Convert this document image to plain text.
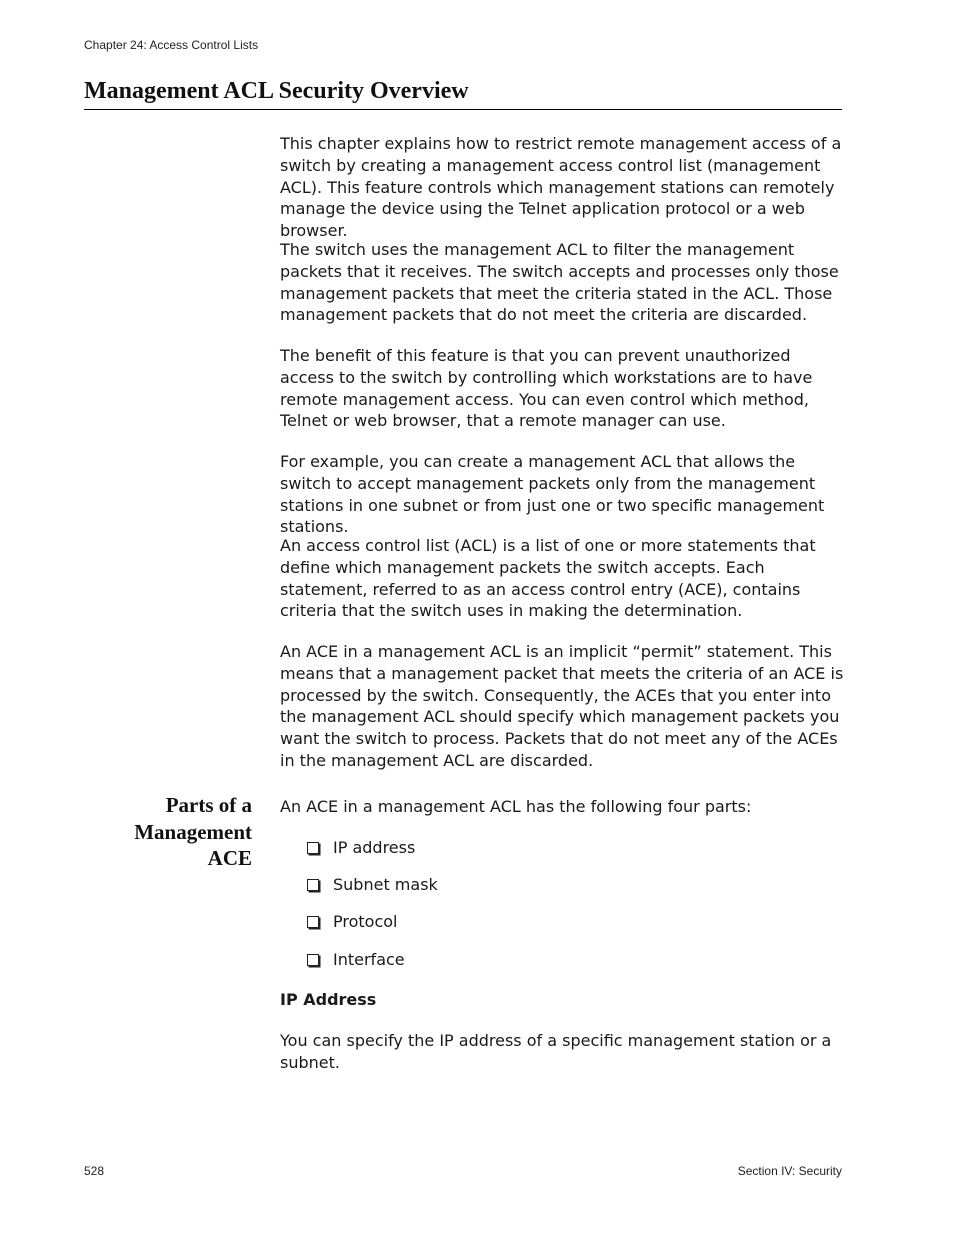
Chapter 24: Access Control Lists
Management ACL Security Overview

This chapter explains how to restrict remote management access of a switch by creating a management access control list (management ACL). This feature controls which management stations can remotely manage the device using the Telnet application protocol or a web browser.

The switch uses the management ACL to filter the management packets that it receives. The switch accepts and processes only those management packets that meet the criteria stated in the ACL. Those management packets that do not meet the criteria are discarded.

The benefit of this feature is that you can prevent unauthorized access to the switch by controlling which workstations are to have remote management access. You can even control which method, Telnet or web browser, that a remote manager can use.

For example, you can create a management ACL that allows the switch to accept management packets only from the management stations in one subnet or from just one or two specific management stations.

An access control list (ACL) is a list of one or more statements that define which management packets the switch accepts. Each statement, referred to as an access control entry (ACE), contains criteria that the switch uses in making the determination.

An ACE in a management ACL is an implicit “permit” statement. This means that a management packet that meets the criteria of an ACE is processed by the switch. Consequently, the ACEs that you enter into the management ACL should specify which management packets you want the switch to process. Packets that do not meet any of the ACEs in the management ACL are discarded.

Parts of a
Management
ACE

An ACE in a management ACL has the following four parts:

IP address
Subnet mask
Protocol
Interface
IP Address

You can specify the IP address of a specific management station or a subnet.

528	Section IV: Security
